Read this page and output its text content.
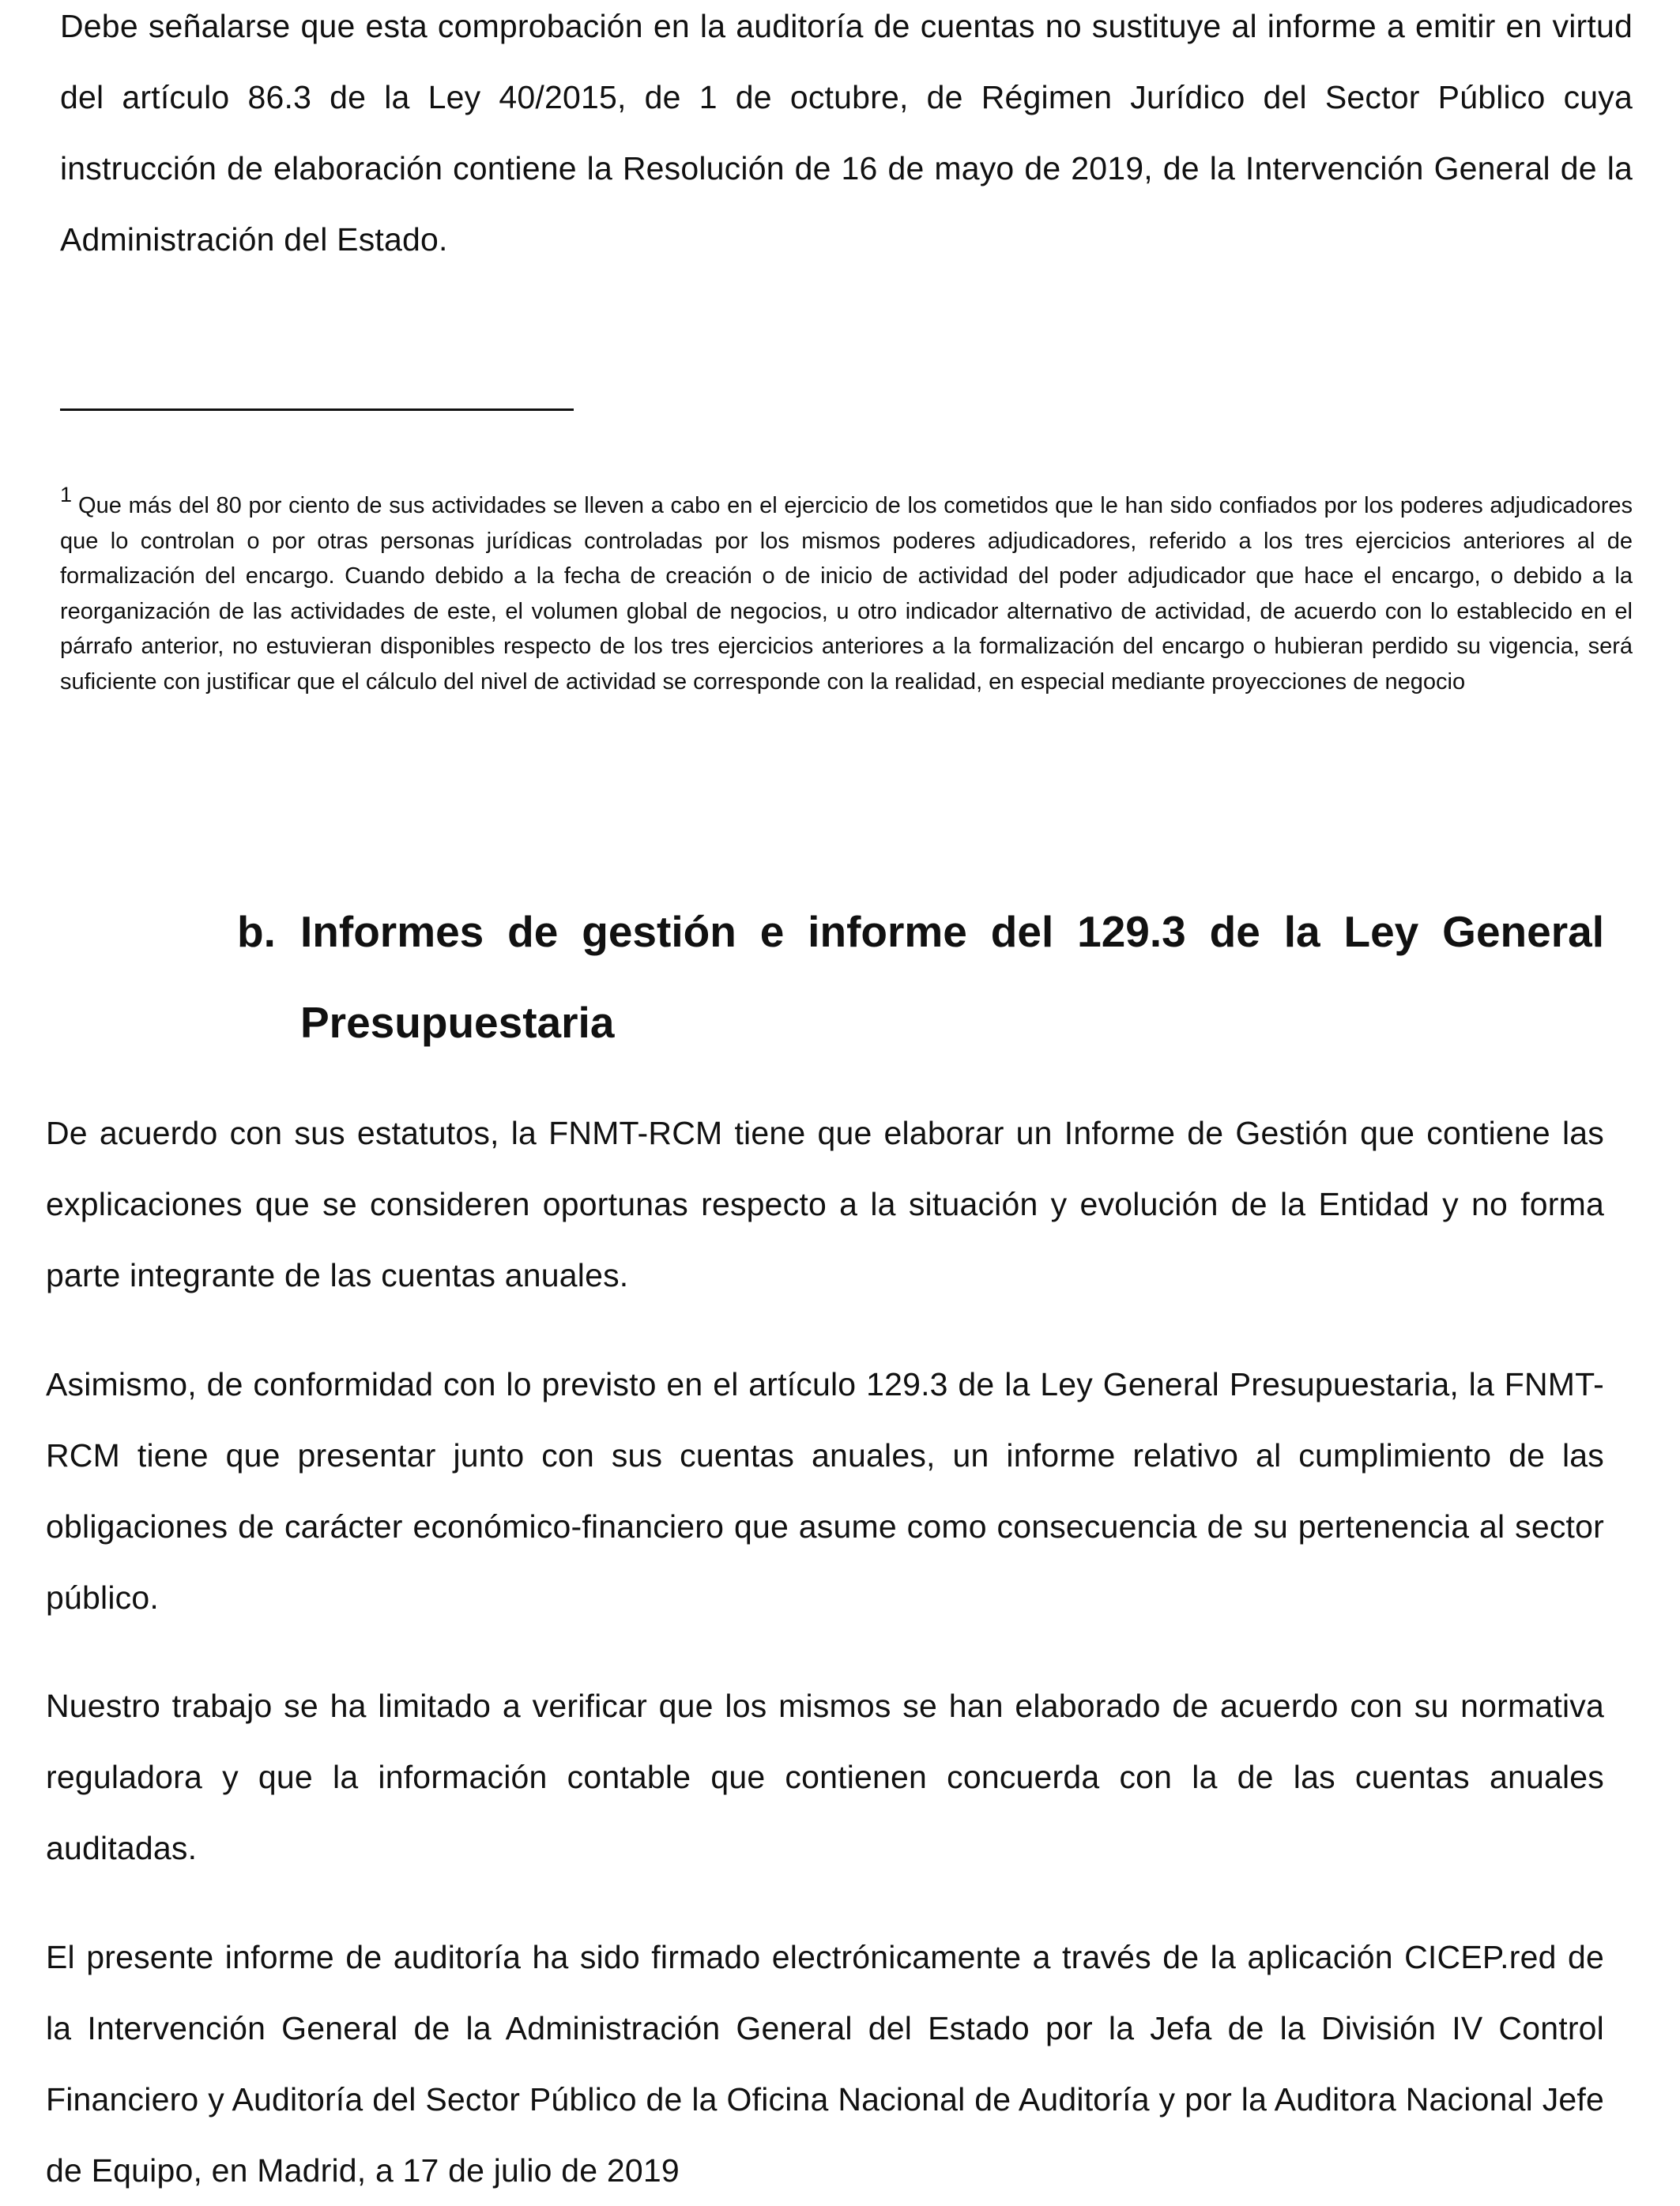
Debe señalarse que esta comprobación en la auditoría de cuentas no sustituye al informe a emitir en virtud del artículo 86.3 de la Ley 40/2015, de 1 de octubre, de Régimen Jurídico del Sector Público cuya instrucción de elaboración contiene la Resolución de 16 de mayo de 2019, de la Intervención General de la Administración del Estado.

$^1$ Que más del 80 por ciento de sus actividades se lleven a cabo en el ejercicio de los cometidos que le han sido confiados por los poderes adjudicadores que lo controlan o por otras personas jurídicas controladas por los mismos poderes adjudicadores, referido a los tres ejercicios anteriores al de formalización del encargo. Cuando debido a la fecha de creación o de inicio de actividad del poder adjudicador que hace el encargo, o debido a la reorganización de las actividades de este, el volumen global de negocios, u otro indicador alternativo de actividad, de acuerdo con lo establecido en el párrafo anterior, no estuvieran disponibles respecto de los tres ejercicios anteriores a la formalización del encargo o hubieran perdido su vigencia, será suficiente con justificar que el cálculo del nivel de actividad se corresponde con la realidad, en especial mediante proyecciones de negocio

b. Informes de gestión e informe del 129.3 de la Ley General Presupuestaria

De acuerdo con sus estatutos, la FNMT-RCM tiene que elaborar un Informe de Gestión que contiene las explicaciones que se consideren oportunas respecto a la situación y evolución de la Entidad y no forma parte integrante de las cuentas anuales.

Asimismo, de conformidad con lo previsto en el artículo 129.3 de la Ley General Presupuestaria, la FNMT-RCM tiene que presentar junto con sus cuentas anuales, un informe relativo al cumplimiento de las obligaciones de carácter económico-financiero que asume como consecuencia de su pertenencia al sector público.

Nuestro trabajo se ha limitado a verificar que los mismos se han elaborado de acuerdo con su normativa reguladora y que la información contable que contienen concuerda con la de las cuentas anuales auditadas.

El presente informe de auditoría ha sido firmado electrónicamente a través de la aplicación CICEP.red de la Intervención General de la Administración General del Estado por la Jefa de la División IV Control Financiero y Auditoría del Sector Público de la Oficina Nacional de Auditoría y por la Auditora Nacional Jefe de Equipo, en Madrid, a 17 de julio de 2019
